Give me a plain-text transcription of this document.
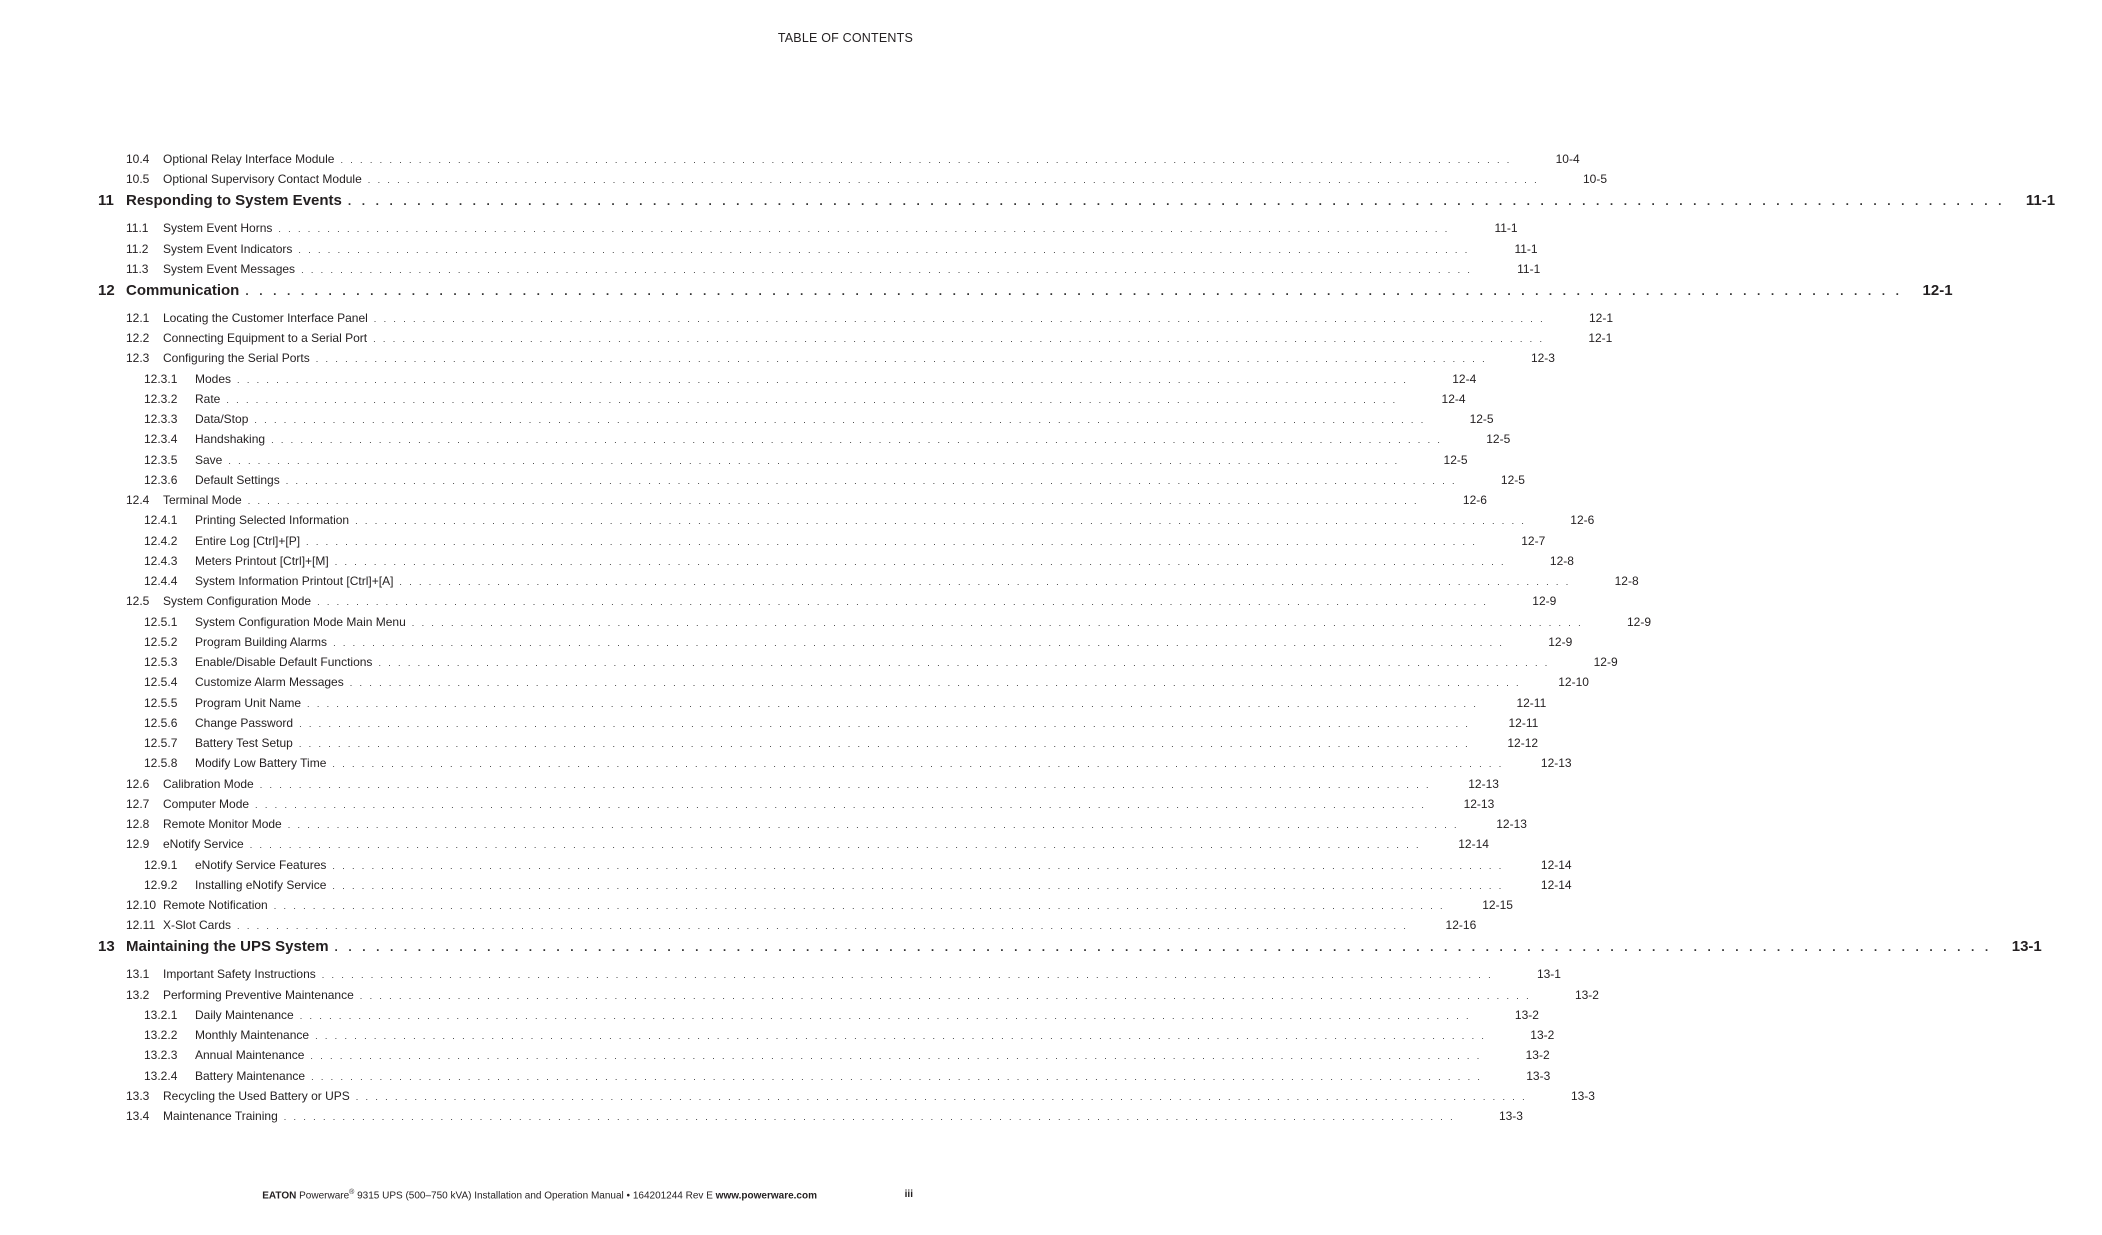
TABLE OF CONTENTS
10.4	Optional Relay Interface Module . . . . . . . . . . . . . . . . . . . . . . . . . . . . . . . . . . . . . . . . . . . . . . . . . . . . . . . . . . . . . . . . . . . . . . . . . . . . . . . . . . . . . . . . . . . . . . . . . . . . . . . . . . . . . . . . . . . . . . . .	10-4
10.5	Optional Supervisory Contact Module . . . . . . . . . . . . . . . . . . . . . . . . . . . . . . . . . . . . . . . . . . . . . . . . . . . . . . . . . . . . . . . . . . . . . . . . . . . . . . . . . . . . . . . . . . . . . . . . . . . . . . . . . . . . . . . . . . . . . . . .	10-5
11 Responding to System Events . . . . . . . . . . . . . . . . . . . . . . . . . . . . . . . . . . . . . . . . . . . . . . . . . . . . . . . . . . . . . . . . . . . . . . . . . . . . . . . . . . . . . . . . . . . . . . . . . . . . . . . . . . . . . . . . . . . . . . . .	11-1
11.1	System Event Horns . . . . . . . . . . . . . . . . . . . . . . . . . . . . . . . . . . . . . . . . . . . . . . . . . . . . . . . . . . . . . . . . . . . . . . . . . . . . . . . . . . . . . . . . . . . . . . . . . . . . . . . . . . . . . . . . . . . . . . . .	11-1
11.2	System Event Indicators . . . . . . . . . . . . . . . . . . . . . . . . . . . . . . . . . . . . . . . . . . . . . . . . . . . . . . . . . . . . . . . . . . . . . . . . . . . . . . . . . . . . . . . . . . . . . . . . . . . . . . . . . . . . . . . . . . . . . . . .	11-1
11.3	System Event Messages . . . . . . . . . . . . . . . . . . . . . . . . . . . . . . . . . . . . . . . . . . . . . . . . . . . . . . . . . . . . . . . . . . . . . . . . . . . . . . . . . . . . . . . . . . . . . . . . . . . . . . . . . . . . . . . . . . . . . . . .	11-1
12 Communication . . . . . . . . . . . . . . . . . . . . . . . . . . . . . . . . . . . . . . . . . . . . . . . . . . . . . . . . . . . . . . . . . . . . . . . . . . . . . . . . . . . . . . . . . . . . . . . . . . . . . . . . . . . . . . . . . . . . . . . .	12-1
12.1	Locating the Customer Interface Panel . . . . . . . . . . . . . . . . . . . . . . . . . . . . . . . . . . . . . . . . . . . . . . . . . . . . . . . . . . . . . . . . . . . . . . . . . . . . . . . . . . . . . . . . . . . . . . . . . . . . . . . . . . . . . . . . . . . . . . . .	12-1
12.2	Connecting Equipment to a Serial Port . . . . . . . . . . . . . . . . . . . . . . . . . . . . . . . . . . . . . . . . . . . . . . . . . . . . . . . . . . . . . . . . . . . . . . . . . . . . . . . . . . . . . . . . . . . . . . . . . . . . . . . . . . . . . . . . . . . . . . . .	12-1
12.3	Configuring the Serial Ports . . . . . . . . . . . . . . . . . . . . . . . . . . . . . . . . . . . . . . . . . . . . . . . . . . . . . . . . . . . . . . . . . . . . . . . . . . . . . . . . . . . . . . . . . . . . . . . . . . . . . . . . . . . . . . . . . . . . . . . .	12-3
12.3.1	Modes . . . . . . . . . . . . . . . . . . . . . . . . . . . . . . . . . . . . . . . . . . . . . . . . . . . . . . . . . . . . . . . . . . . . . . . . . . . . . . . . . . . . . . . . . . . . . . . . . . . . . . . . . . . . . . . . . . . . . . . .	12-4
12.3.2	Rate . . . . . . . . . . . . . . . . . . . . . . . . . . . . . . . . . . . . . . . . . . . . . . . . . . . . . . . . . . . . . . . . . . . . . . . . . . . . . . . . . . . . . . . . . . . . . . . . . . . . . . . . . . . . . . . . . . . . . . . .	12-4
12.3.3	Data/Stop . . . . . . . . . . . . . . . . . . . . . . . . . . . . . . . . . . . . . . . . . . . . . . . . . . . . . . . . . . . . . . . . . . . . . . . . . . . . . . . . . . . . . . . . . . . . . . . . . . . . . . . . . . . . . . . . . . . . . . . .	12-5
12.3.4	Handshaking . . . . . . . . . . . . . . . . . . . . . . . . . . . . . . . . . . . . . . . . . . . . . . . . . . . . . . . . . . . . . . . . . . . . . . . . . . . . . . . . . . . . . . . . . . . . . . . . . . . . . . . . . . . . . . . . . . . . . . . .	12-5
12.3.5	Save . . . . . . . . . . . . . . . . . . . . . . . . . . . . . . . . . . . . . . . . . . . . . . . . . . . . . . . . . . . . . . . . . . . . . . . . . . . . . . . . . . . . . . . . . . . . . . . . . . . . . . . . . . . . . . . . . . . . . . . .	12-5
12.3.6	Default Settings . . . . . . . . . . . . . . . . . . . . . . . . . . . . . . . . . . . . . . . . . . . . . . . . . . . . . . . . . . . . . . . . . . . . . . . . . . . . . . . . . . . . . . . . . . . . . . . . . . . . . . . . . . . . . . . . . . . . . . . .	12-5
12.4	Terminal Mode . . . . . . . . . . . . . . . . . . . . . . . . . . . . . . . . . . . . . . . . . . . . . . . . . . . . . . . . . . . . . . . . . . . . . . . . . . . . . . . . . . . . . . . . . . . . . . . . . . . . . . . . . . . . . . . . . . . . . . . .	12-6
12.4.1	Printing Selected Information . . . . . . . . . . . . . . . . . . . . . . . . . . . . . . . . . . . . . . . . . . . . . . . . . . . . . . . . . . . . . . . . . . . . . . . . . . . . . . . . . . . . . . . . . . . . . . . . . . . . . . . . . . . . . . . . . . . . . . . .	12-6
12.4.2	Entire Log [Ctrl]+[P] . . . . . . . . . . . . . . . . . . . . . . . . . . . . . . . . . . . . . . . . . . . . . . . . . . . . . . . . . . . . . . . . . . . . . . . . . . . . . . . . . . . . . . . . . . . . . . . . . . . . . . . . . . . . . . . . . . . . . . . .	12-7
12.4.3	Meters Printout [Ctrl]+[M] . . . . . . . . . . . . . . . . . . . . . . . . . . . . . . . . . . . . . . . . . . . . . . . . . . . . . . . . . . . . . . . . . . . . . . . . . . . . . . . . . . . . . . . . . . . . . . . . . . . . . . . . . . . . . . . . . . . . . . . .	12-8
12.4.4	System Information Printout [Ctrl]+[A] . . . . . . . . . . . . . . . . . . . . . . . . . . . . . . . . . . . . . . . . . . . . . . . . . . . . . . . . . . . . . . . . . . . . . . . . . . . . . . . . . . . . . . . . . . . . . . . . . . . . . . . . . . . . . . . . . . . . . . . .	12-8
12.5	System Configuration Mode . . . . . . . . . . . . . . . . . . . . . . . . . . . . . . . . . . . . . . . . . . . . . . . . . . . . . . . . . . . . . . . . . . . . . . . . . . . . . . . . . . . . . . . . . . . . . . . . . . . . . . . . . . . . . . . . . . . . . . . .	12-9
12.5.1	System Configuration Mode Main Menu . . . . . . . . . . . . . . . . . . . . . . . . . . . . . . . . . . . . . . . . . . . . . . . . . . . . . . . . . . . . . . . . . . . . . . . . . . . . . . . . . . . . . . . . . . . . . . . . . . . . . . . . . . . . . . . . . . . . . . . .	12-9
12.5.2	Program Building Alarms . . . . . . . . . . . . . . . . . . . . . . . . . . . . . . . . . . . . . . . . . . . . . . . . . . . . . . . . . . . . . . . . . . . . . . . . . . . . . . . . . . . . . . . . . . . . . . . . . . . . . . . . . . . . . . . . . . . . . . . .	12-9
12.5.3	Enable/Disable Default Functions . . . . . . . . . . . . . . . . . . . . . . . . . . . . . . . . . . . . . . . . . . . . . . . . . . . . . . . . . . . . . . . . . . . . . . . . . . . . . . . . . . . . . . . . . . . . . . . . . . . . . . . . . . . . . . . . . . . . . . . .	12-9
12.5.4	Customize Alarm Messages . . . . . . . . . . . . . . . . . . . . . . . . . . . . . . . . . . . . . . . . . . . . . . . . . . . . . . . . . . . . . . . . . . . . . . . . . . . . . . . . . . . . . . . . . . . . . . . . . . . . . . . . . . . . . . . . . . . . . . . .	12-10
12.5.5	Program Unit Name . . . . . . . . . . . . . . . . . . . . . . . . . . . . . . . . . . . . . . . . . . . . . . . . . . . . . . . . . . . . . . . . . . . . . . . . . . . . . . . . . . . . . . . . . . . . . . . . . . . . . . . . . . . . . . . . . . . . . . . .	12-11
12.5.6	Change Password . . . . . . . . . . . . . . . . . . . . . . . . . . . . . . . . . . . . . . . . . . . . . . . . . . . . . . . . . . . . . . . . . . . . . . . . . . . . . . . . . . . . . . . . . . . . . . . . . . . . . . . . . . . . . . . . . . . . . . . .	12-11
12.5.7	Battery Test Setup . . . . . . . . . . . . . . . . . . . . . . . . . . . . . . . . . . . . . . . . . . . . . . . . . . . . . . . . . . . . . . . . . . . . . . . . . . . . . . . . . . . . . . . . . . . . . . . . . . . . . . . . . . . . . . . . . . . . . . . .	12-12
12.5.8	Modify Low Battery Time . . . . . . . . . . . . . . . . . . . . . . . . . . . . . . . . . . . . . . . . . . . . . . . . . . . . . . . . . . . . . . . . . . . . . . . . . . . . . . . . . . . . . . . . . . . . . . . . . . . . . . . . . . . . . . . . . . . . . . . .	12-13
12.6	Calibration Mode . . . . . . . . . . . . . . . . . . . . . . . . . . . . . . . . . . . . . . . . . . . . . . . . . . . . . . . . . . . . . . . . . . . . . . . . . . . . . . . . . . . . . . . . . . . . . . . . . . . . . . . . . . . . . . . . . . . . . . . .	12-13
12.7	Computer Mode . . . . . . . . . . . . . . . . . . . . . . . . . . . . . . . . . . . . . . . . . . . . . . . . . . . . . . . . . . . . . . . . . . . . . . . . . . . . . . . . . . . . . . . . . . . . . . . . . . . . . . . . . . . . . . . . . . . . . . . .	12-13
12.8	Remote Monitor Mode . . . . . . . . . . . . . . . . . . . . . . . . . . . . . . . . . . . . . . . . . . . . . . . . . . . . . . . . . . . . . . . . . . . . . . . . . . . . . . . . . . . . . . . . . . . . . . . . . . . . . . . . . . . . . . . . . . . . . . . .	12-13
12.9	eNotify Service . . . . . . . . . . . . . . . . . . . . . . . . . . . . . . . . . . . . . . . . . . . . . . . . . . . . . . . . . . . . . . . . . . . . . . . . . . . . . . . . . . . . . . . . . . . . . . . . . . . . . . . . . . . . . . . . . . . . . . . .	12-14
12.9.1	eNotify Service Features . . . . . . . . . . . . . . . . . . . . . . . . . . . . . . . . . . . . . . . . . . . . . . . . . . . . . . . . . . . . . . . . . . . . . . . . . . . . . . . . . . . . . . . . . . . . . . . . . . . . . . . . . . . . . . . . . . . . . . . .	12-14
12.9.2	Installing eNotify Service . . . . . . . . . . . . . . . . . . . . . . . . . . . . . . . . . . . . . . . . . . . . . . . . . . . . . . . . . . . . . . . . . . . . . . . . . . . . . . . . . . . . . . . . . . . . . . . . . . . . . . . . . . . . . . . . . . . . . . . .	12-14
12.10 Remote Notification . . . . . . . . . . . . . . . . . . . . . . . . . . . . . . . . . . . . . . . . . . . . . . . . . . . . . . . . . . . . . . . . . . . . . . . . . . . . . . . . . . . . . . . . . . . . . . . . . . . . . . . . . . . . . . . . . . . . . . . .	12-15
12.11 X-Slot Cards . . . . . . . . . . . . . . . . . . . . . . . . . . . . . . . . . . . . . . . . . . . . . . . . . . . . . . . . . . . . . . . . . . . . . . . . . . . . . . . . . . . . . . . . . . . . . . . . . . . . . . . . . . . . . . . . . . . . . . . .	12-16
13 Maintaining the UPS System . . . . . . . . . . . . . . . . . . . . . . . . . . . . . . . . . . . . . . . . . . . . . . . . . . . . . . . . . . . . . . . . . . . . . . . . . . . . . . . . . . . . . . . . . . . . . . . . . . . . . . . . . . . . . . . . . . . . . . . .	13-1
13.1	Important Safety Instructions . . . . . . . . . . . . . . . . . . . . . . . . . . . . . . . . . . . . . . . . . . . . . . . . . . . . . . . . . . . . . . . . . . . . . . . . . . . . . . . . . . . . . . . . . . . . . . . . . . . . . . . . . . . . . . . . . . . . . . . .	13-1
13.2	Performing Preventive Maintenance . . . . . . . . . . . . . . . . . . . . . . . . . . . . . . . . . . . . . . . . . . . . . . . . . . . . . . . . . . . . . . . . . . . . . . . . . . . . . . . . . . . . . . . . . . . . . . . . . . . . . . . . . . . . . . . . . . . . . . . .	13-2
13.2.1	Daily Maintenance . . . . . . . . . . . . . . . . . . . . . . . . . . . . . . . . . . . . . . . . . . . . . . . . . . . . . . . . . . . . . . . . . . . . . . . . . . . . . . . . . . . . . . . . . . . . . . . . . . . . . . . . . . . . . . . . . . . . . . . .	13-2
13.2.2	Monthly Maintenance . . . . . . . . . . . . . . . . . . . . . . . . . . . . . . . . . . . . . . . . . . . . . . . . . . . . . . . . . . . . . . . . . . . . . . . . . . . . . . . . . . . . . . . . . . . . . . . . . . . . . . . . . . . . . . . . . . . . . . . .	13-2
13.2.3	Annual Maintenance . . . . . . . . . . . . . . . . . . . . . . . . . . . . . . . . . . . . . . . . . . . . . . . . . . . . . . . . . . . . . . . . . . . . . . . . . . . . . . . . . . . . . . . . . . . . . . . . . . . . . . . . . . . . . . . . . . . . . . . .	13-2
13.2.4	Battery Maintenance . . . . . . . . . . . . . . . . . . . . . . . . . . . . . . . . . . . . . . . . . . . . . . . . . . . . . . . . . . . . . . . . . . . . . . . . . . . . . . . . . . . . . . . . . . . . . . . . . . . . . . . . . . . . . . . . . . . . . . . .	13-3
13.3	Recycling the Used Battery or UPS . . . . . . . . . . . . . . . . . . . . . . . . . . . . . . . . . . . . . . . . . . . . . . . . . . . . . . . . . . . . . . . . . . . . . . . . . . . . . . . . . . . . . . . . . . . . . . . . . . . . . . . . . . . . . . . . . . . . . . . .	13-3
13.4	Maintenance Training . . . . . . . . . . . . . . . . . . . . . . . . . . . . . . . . . . . . . . . . . . . . . . . . . . . . . . . . . . . . . . . . . . . . . . . . . . . . . . . . . . . . . . . . . . . . . . . . . . . . . . . . . . . . . . . . . . . . . . . .	13-3
EATON Powerware® 9315 UPS (500–750 kVA) Installation and Operation Manual • 164201244 Rev E www.powerware.com	iii
